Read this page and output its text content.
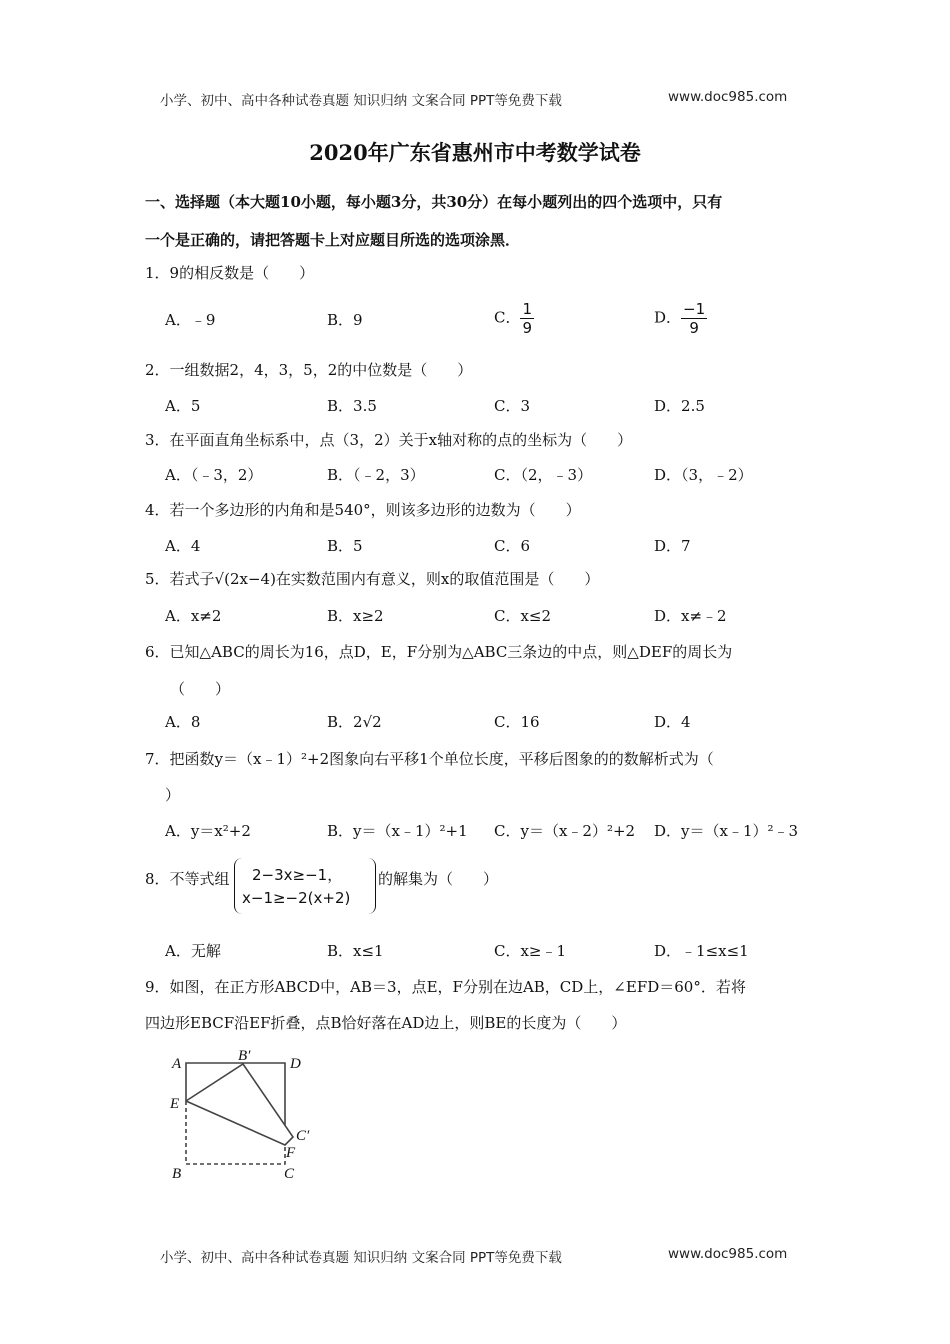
小学、初中、高中各种试卷真题 知识归纳 文案合同 PPT等免费下载	www.doc985.com
2020年广东省惠州市中考数学试卷
一、选择题（本大题10小题，每小题3分，共30分）在每小题列出的四个选项中，只有
一个是正确的，请把答题卡上对应题目所选的选项涂黑．
1．9的相反数是（　　）
A．﹣9	B．9	C． $\frac{1}{9}$	D． $\frac{-1}{9}$
2．一组数据2，4，3，5，2的中位数是（　　）
A．5	B．3.5	C．3	D．2.5
3．在平面直角坐标系中，点（3，2）关于x轴对称的点的坐标为（　　）
A．（﹣3，2）	B．（﹣2，3）	C．（2，﹣3）	D．（3，﹣2）
4．若一个多边形的内角和是540°，则该多边形的边数为（　　）
A．4	B．5	C．6	D．7
5．若式子√(2x−4)在实数范围内有意义，则x的取值范围是（　　）
A．x≠2	B．x≥2	C．x≤2	D．x≠﹣2
6．已知△ABC的周长为16，点D，E，F分别为△ABC三条边的中点，则△DEF的周长为
（　　）
A．8	B．2√2	C．16	D．4
7．把函数y＝（x﹣1）²+2图象向右平移1个单位长度，平移后图象的的数解析式为（
）
A．y＝x²+2	B．y＝（x﹣1）²+1 C．y＝（x﹣2）²+2 D．y＝（x﹣1）²﹣3
8．不等式组 2−3x≥−1，
x−1≥−2(x+2)
的解集为（　　）
A．无解	B．x≤1	C．x≥﹣1	D．﹣1≤x≤1
9．如图，在正方形ABCD中，AB＝3，点E，F分别在边AB，CD上，∠EFD＝60°．若将
四边形EBCF沿EF折叠，点B恰好落在AD边上，则BE的长度为（　　）
A	B′	D
E
C′
F
B	C
小学、初中、高中各种试卷真题 知识归纳 文案合同 PPT等免费下载	www.doc985.com
